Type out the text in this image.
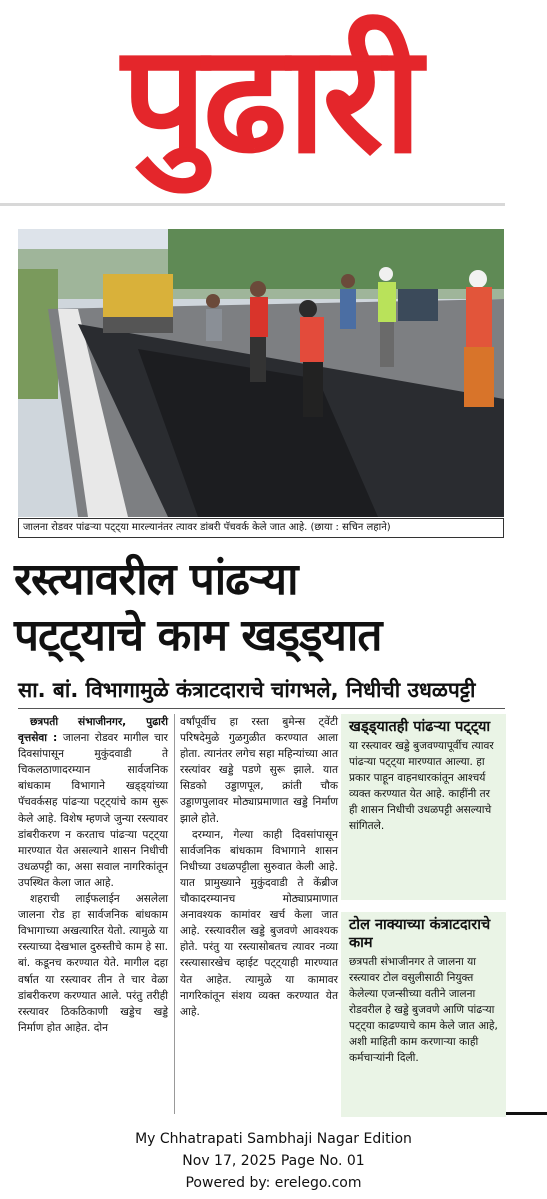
पुढारी
जालना रोडवर पांढऱ्या पट्ट्या मारल्यानंतर त्यावर डांबरी पॅचवर्क केले जात आहे. (छाया : सचिन लहाने)
रस्त्यावरील पांढऱ्या
पट्ट्याचे काम खड्ड्यात
सा. बां. विभागामुळे कंत्राटदाराचे चांगभले, निधीची उधळपट्टी

छत्रपती संभाजीनगर, पुढारी वृत्तसेवा : जालना रोडवर मागील चार दिवसांपासून मुकुंदवाडी ते चिकलठाणादरम्यान सार्वजनिक बांधकाम विभागाने खड्ड्यांच्या पॅचवर्कसह पांढऱ्या पट्ट्यांचे काम सुरू केले आहे. विशेष म्हणजे जुन्या रस्त्यावर डांबरीकरण न करताच पांढऱ्या पट्ट्या मारण्यात येत असल्याने शासन निधीची उधळपट्टी का, असा सवाल नागरिकांतून उपस्थित केला जात आहे.

शहराची लाईफलाईन असलेला जालना रोड हा सार्वजनिक बांधकाम विभागाच्या अखत्यारित येतो. त्यामुळे या रस्त्याच्या देखभाल दुरुस्तीचे काम हे सा. बां. कडूनच करण्यात येते. मागील दहा वर्षात या रस्त्यावर तीन ते चार वेळा डांबरीकरण करण्यात आले. परंतु तरीही रस्त्यावर ठिकठिकाणी खड्डेच खड्डे निर्माण होत आहेत. दोन

वर्षांपूर्वीच हा रस्ता बुमेन्स ट्वेंटी परिषदेमुळे गुळगुळीत करण्यात आला होता. त्यानंतर लगेच सहा महिन्यांच्या आत रस्त्यांवर खड्डे पडणे सुरू झाले. यात सिडको उड्डाणपूल, क्रांती चौक उड्डाणपुलावर मोठ्याप्रमाणात खड्डे निर्माण झाले होते.

दरम्यान, गेल्या काही दिवसांपासून सार्वजनिक बांधकाम विभागाने शासन निधीच्या उधळपट्टीला सुरुवात केली आहे. यात प्रामुख्याने मुकुंदवाडी ते केंब्रीज चौकादरम्यानच मोठ्याप्रमाणात अनावश्यक कामांवर खर्च केला जात आहे. रस्त्यावरील खड्डे बुजवणे आवश्यक होते. परंतु या रस्त्यासोबतच त्यावर नव्या रस्त्यासारखेच व्हाईट पट्ट्याही मारण्यात येत आहेत. त्यामुळे या कामावर नागरिकांतून संशय व्यक्त करण्यात येत आहे.

खड्ड्यातही पांढऱ्या पट्ट्या

या रस्त्यावर खड्डे बुजवण्यापूर्वीच त्यावर पांढऱ्या पट्ट्या मारण्यात आल्या. हा प्रकार पाहून वाहनधारकांतून आश्चर्य व्यक्त करण्यात येत आहे. काहींनी तर ही शासन निधीची उधळपट्टी असल्याचे सांगितले.

टोल नाक्याच्या कंत्राटदाराचे काम

छत्रपती संभाजीनगर ते जालना या रस्त्यावर टोल वसुलीसाठी नियुक्त केलेल्या एजन्सीच्या वतीने जालना रोडवरील हे खड्डे बुजवणे आणि पांढऱ्या पट्ट्या काढण्याचे काम केले जात आहे, अशी माहिती काम करणाऱ्या काही कर्मचाऱ्यांनी दिली.

My Chhatrapati Sambhaji Nagar Edition
Nov 17, 2025 Page No. 01
Powered by: erelego.com
